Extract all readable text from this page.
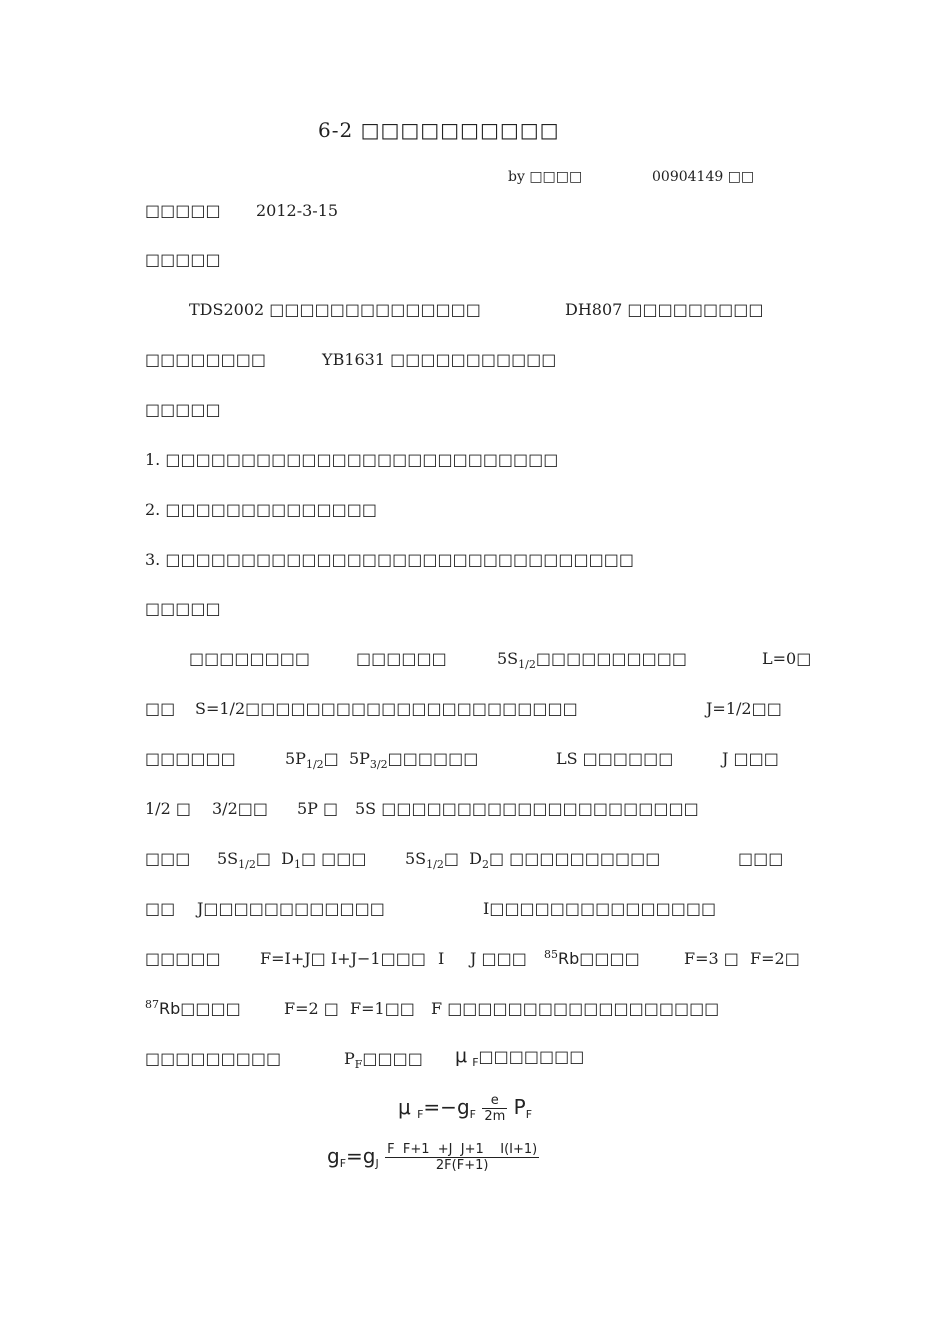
6-2 □□□□□□□□□□
by □□□□	00904149 □□
□□□□□ 2012-3-15
□□□□□
TDS2002 □□□□□□□□□□□□□□	DH807 □□□□□□□□□
□□□□□□□□	YB1631 □□□□□□□□□□□
□□□□□
1. □□□□□□□□□□□□□□□□□□□□□□□□□□
2. □□□□□□□□□□□□□□
3. □□□□□□□□□□□□□□□□□□□□□□□□□□□□□□□
□□□□□
□□□□□□□□	□□□□□□	$5S_{1/2}□□□□□□□□□□$	L=0□
□□ S=1/2□□□□□□□□□□□□□□□□□□□□□□	J=1/2□□
□□□□□□	$5P_{1/2}□$ $5P_{3/2}□□□□□□$	LS □□□□□□	J □□□
1/2 □ 3/2□□ 5P □ 5S □□□□□□□□□□□□□□□□□□□□□
□□□ $5S_{1/2}□$ $D_1□$ □□□ $5S_{1/2}□$ $D_2□$ □□□□□□□□□□	□□□
□□ J□□□□□□□□□□□□	I□□□□□□□□□□□□□□□
□□□□□ F=I+J□ I+J−1□□□ I J □□□ $^{85}$Rb□□□□	F=3 □ F=2□
$^{87}$Rb□□□□	F=2 □ F=1□□ F □□□□□□□□□□□□□□□□□□
□□□□□□□□□	$P_F□□□□$ μ $_F$□□□□□□□
μ $_F=-g_F \frac{e}{2m} P_F$
$g_F=g_J \frac{\text{F  F+1  +J  J+1    I(I+1)}}{2F(F+1)}$
